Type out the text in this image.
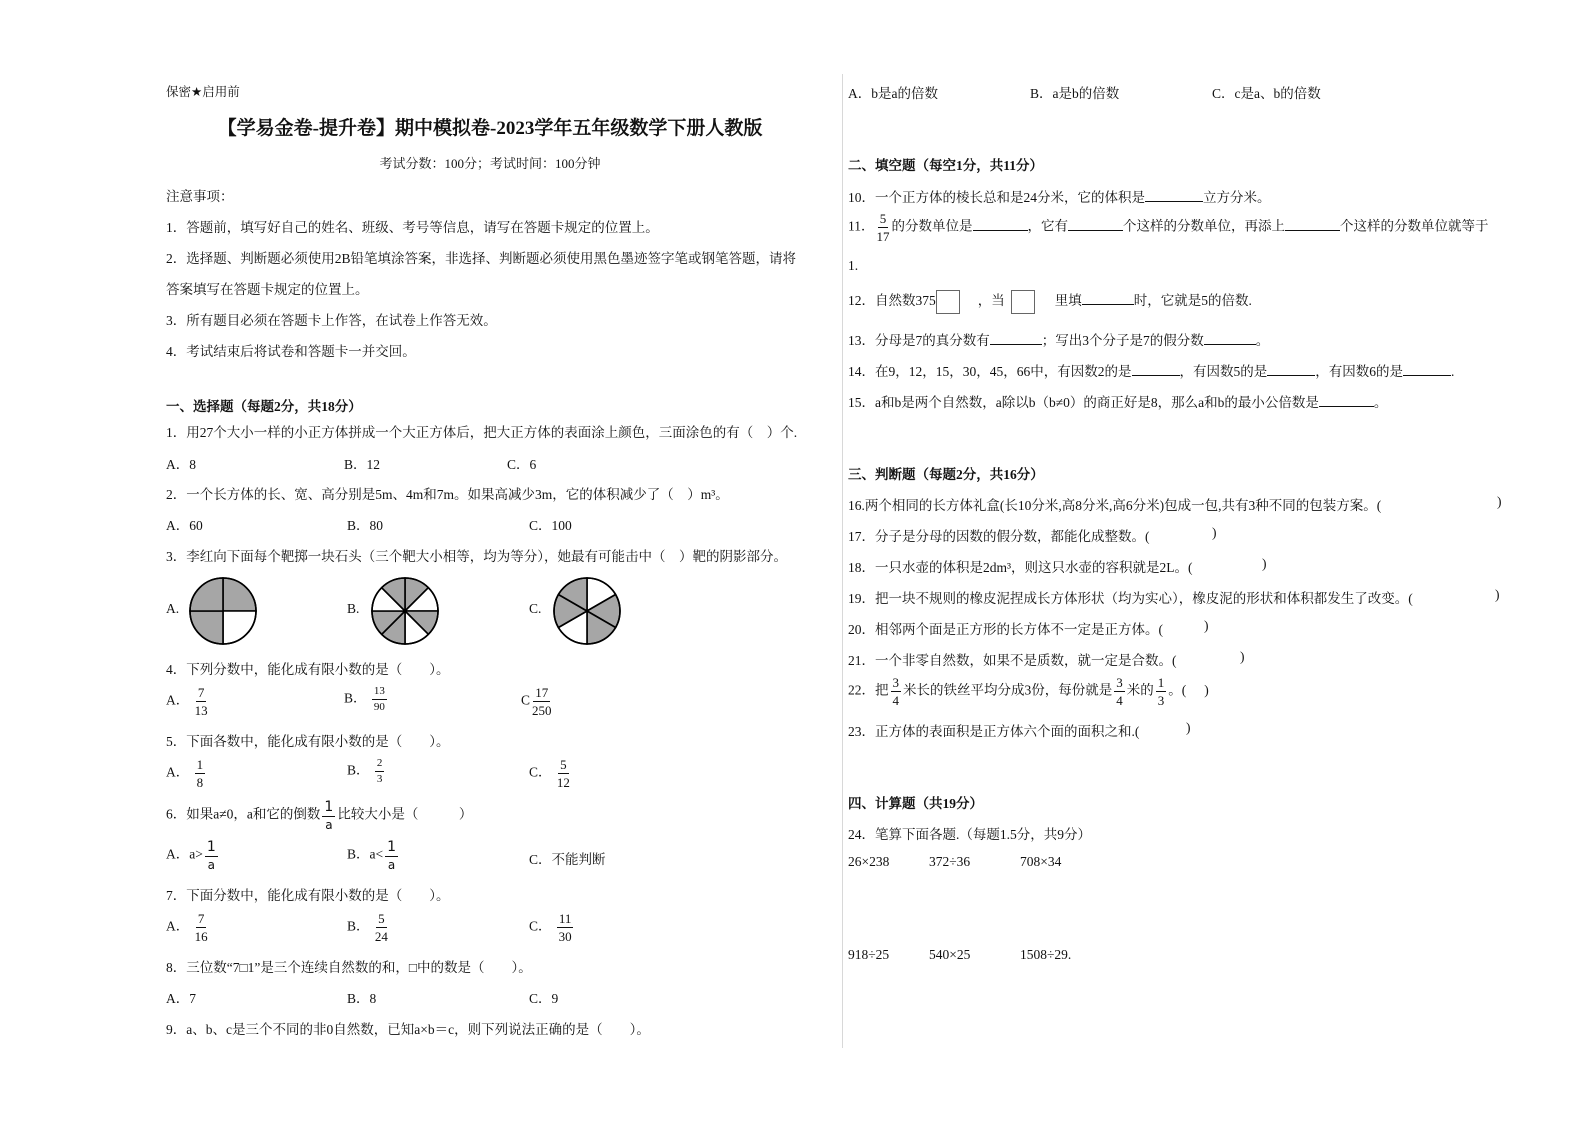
保密★启用前
【学易金卷-提升卷】期中模拟卷-2023学年五年级数学下册人教版
考试分数：100分；考试时间：100分钟
注意事项：
1．答题前，填写好自己的姓名、班级、考号等信息，请写在答题卡规定的位置上。
2．选择题、判断题必须使用2B铅笔填涂答案，非选择、判断题必须使用黑色墨迹签字笔或钢笔答题，请将
答案填写在答题卡规定的位置上。
3．所有题目必须在答题卡上作答，在试卷上作答无效。
4．考试结束后将试卷和答题卡一并交回。
一、选择题（每题2分，共18分）
1．用27个大小一样的小正方体拼成一个大正方体后，把大正方体的表面涂上颜色，三面涂色的有（　）个.
A．8	B．12	C．6
2．一个长方体的长、宽、高分别是5m、4m和7m。如果高减少3m，它的体积减少了（　）m³。
A．60	B．80	C．100
3．李红向下面每个靶掷一块石头（三个靶大小相等，均为等分），她最有可能击中（　）靶的阴影部分。
A.	B.	C.
4．下列分数中，能化成有限小数的是（　　）。
A． $\frac{7}{13}$	B． $\frac{13}{90}$	C $\frac{17}{250}$
5．下面各数中，能化成有限小数的是（　　）。
A． $\frac{1}{8}$	B． $\frac{2}{3}$	C． $\frac{5}{12}$
6．如果a≠0，a和它的倒数 $\frac{1}{a}$ 比较大小是（　　　）
A．$a> \frac{1}{a}$	B．$a< \frac{1}{a}$	C．不能判断
7．下面分数中，能化成有限小数的是（　　）。
A． $\frac{7}{16}$	B． $\frac{5}{24}$	C． $\frac{11}{30}$
8．三位数“7□1”是三个连续自然数的和，□中的数是（　　）。
A．7	B．8	C．9
9．a、b、c是三个不同的非0自然数，已知a×b＝c，则下列说法正确的是（　　）。
A．b是a的倍数	B．a是b的倍数	C．c是a、b的倍数
二、填空题（每空1分，共11分）
10．一个正方体的棱长总和是24分米，它的体积是	立方分米。
11． $\frac{5}{17}$ 的分数单位是	，它有	个这样的分数单位，再添上	个这样的分数单位就等于
1.
12．自然数375	，当	里填	时，它就是5的倍数.
13．分母是7的真分数有	；写出3个分子是7的假分数	。
14．在9，12，15，30，45，66中，有因数2的是	，有因数5的是	，有因数6的是	.
15．a和b是两个自然数，a除以b（b≠0）的商正好是8，那么a和b的最小公倍数是	。
三、判断题（每题2分，共16分）
16.两个相同的长方体礼盒(长10分米,高8分米,高6分米)包成一包,共有3种不同的包装方案。(	)
17．分子是分母的因数的假分数，都能化成整数。(	)
18．一只水壶的体积是2dm³，则这只水壶的容积就是2L。(	)
19．把一块不规则的橡皮泥捏成长方体形状（均为实心），橡皮泥的形状和体积都发生了改变。(	)
20．相邻两个面是正方形的长方体不一定是正方体。(	)
21．一个非零自然数，如果不是质数，就一定是合数。(	)
22．把 $\frac{3}{4}$ 米长的铁丝平均分成3份，每份就是 $\frac{3}{4}$ 米的 $\frac{1}{3}$ 。( )
23．正方体的表面积是正方体六个面的面积之和.(	)
四、计算题（共19分）
24．笔算下面各题.（每题1.5分，共9分）
26×238	372÷36	708×34
918÷25	540×25	1508÷29.
